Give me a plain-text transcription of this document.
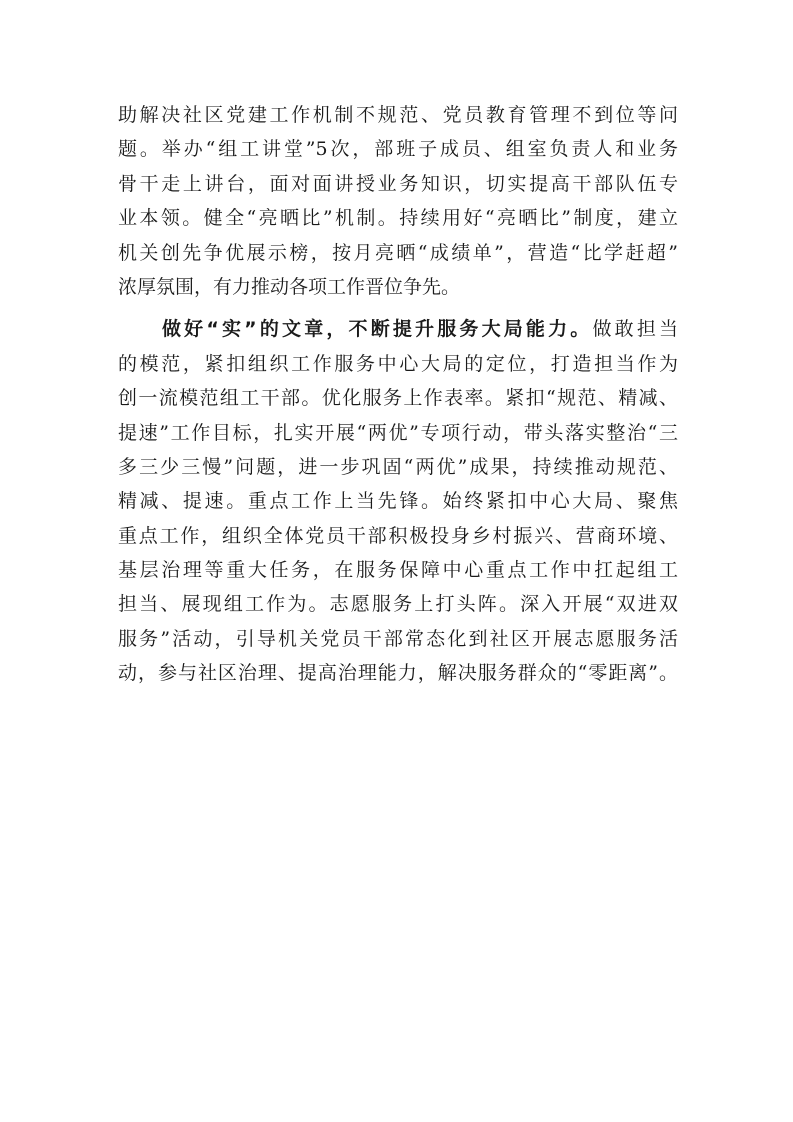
助解决社区党建工作机制不规范、党员教育管理不到位等问
题。举办“组工讲堂”5次，部班子成员、组室负责人和业务
骨干走上讲台，面对面讲授业务知识，切实提高干部队伍专
业本领。健全“亮晒比”机制。持续用好“亮晒比”制度，建立
机关创先争优展示榜，按月亮晒“成绩单”，营造“比学赶超”
浓厚氛围，有力推动各项工作晋位争先。
做好“实”的文章，不断提升服务大局能力。做敢担当
的模范，紧扣组织工作服务中心大局的定位，打造担当作为
创一流模范组工干部。优化服务上作表率。紧扣“规范、精减、
提速”工作目标，扎实开展“两优”专项行动，带头落实整治“三
多三少三慢”问题，进一步巩固“两优”成果，持续推动规范、
精减、提速。重点工作上当先锋。始终紧扣中心大局、聚焦
重点工作，组织全体党员干部积极投身乡村振兴、营商环境、
基层治理等重大任务，在服务保障中心重点工作中扛起组工
担当、展现组工作为。志愿服务上打头阵。深入开展“双进双
服务”活动，引导机关党员干部常态化到社区开展志愿服务活
动，参与社区治理、提高治理能力，解决服务群众的“零距离”。
